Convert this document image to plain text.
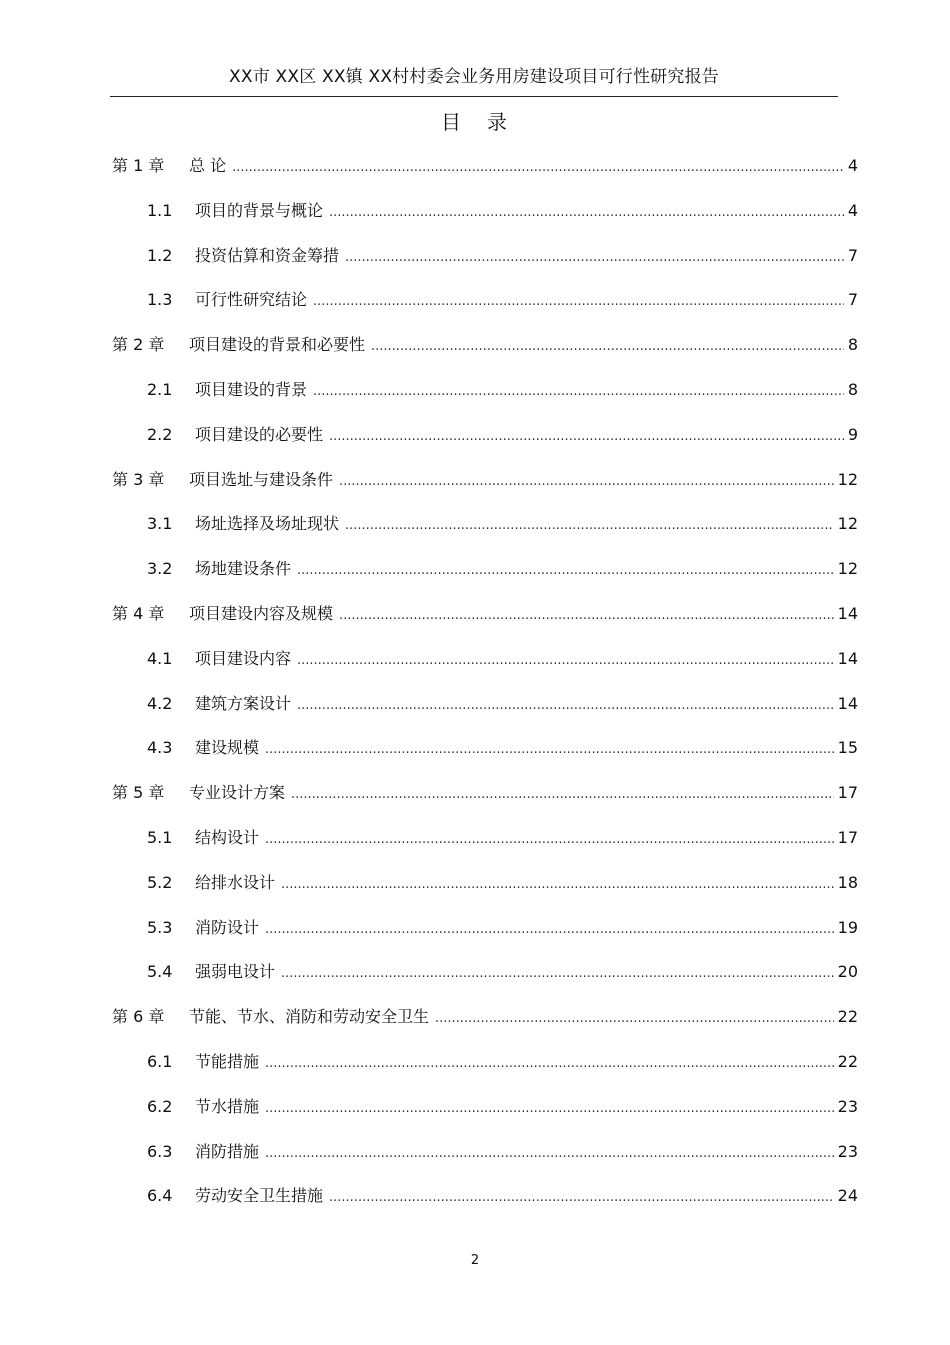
XX市 XX区 XX镇 XX村村委会业务用房建设项目可行性研究报告
目 录
第 1 章	总 论 .....	4
1.1	项目的背景与概论 .....	4
1.2	投资估算和资金筹措 .....	7
1.3	可行性研究结论 .....	7
第 2 章	项目建设的背景和必要性 .....	8
2.1	项目建设的背景 .....	8
2.2	项目建设的必要性 .....	9
第 3 章	项目选址与建设条件 .....	12
3.1	场址选择及场址现状 .....	12
3.2	场地建设条件 .....	12
第 4 章	项目建设内容及规模 .....	14
4.1	项目建设内容 .....	14
4.2	建筑方案设计 .....	14
4.3	建设规模 .....	15
第 5 章	专业设计方案 .....	17
5.1	结构设计 .....	17
5.2	给排水设计 .....	18
5.3	消防设计 .....	19
5.4	强弱电设计 .....	20
第 6 章	节能、节水、消防和劳动安全卫生 .....	22
6.1	节能措施 .....	22
6.2	节水措施 .....	23
6.3	消防措施 .....	23
6.4	劳动安全卫生措施 .....	24
2
